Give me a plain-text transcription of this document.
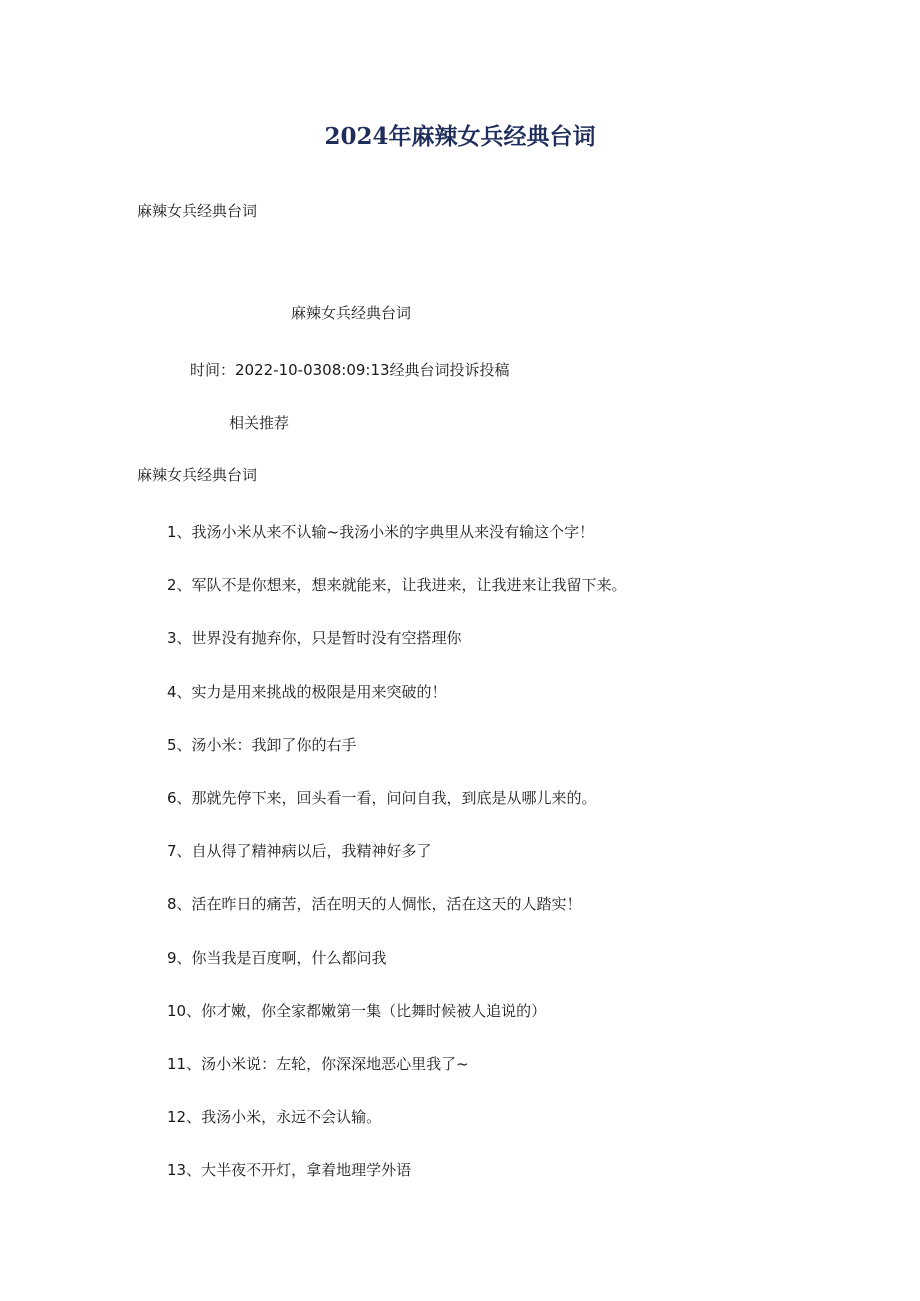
2024年麻辣女兵经典台词
麻辣女兵经典台词
麻辣女兵经典台词
时间：2022-10-0308:09:13经典台词投诉投稿
相关推荐
麻辣女兵经典台词
1、我汤小米从来不认输~我汤小米的字典里从来没有输这个字！
2、军队不是你想来，想来就能来，让我进来，让我进来让我留下来。
3、世界没有抛弃你，只是暂时没有空搭理你
4、实力是用来挑战的极限是用来突破的！
5、汤小米：我卸了你的右手
6、那就先停下来，回头看一看，问问自我，到底是从哪儿来的。
7、自从得了精神病以后，我精神好多了
8、活在昨日的痛苦，活在明天的人惆怅，活在这天的人踏实！
9、你当我是百度啊，什么都问我
10、你才嫩，你全家都嫩第一集（比舞时候被人追说的）
11、汤小米说：左轮，你深深地恶心里我了~
12、我汤小米，永远不会认输。
13、大半夜不开灯，拿着地理学外语
